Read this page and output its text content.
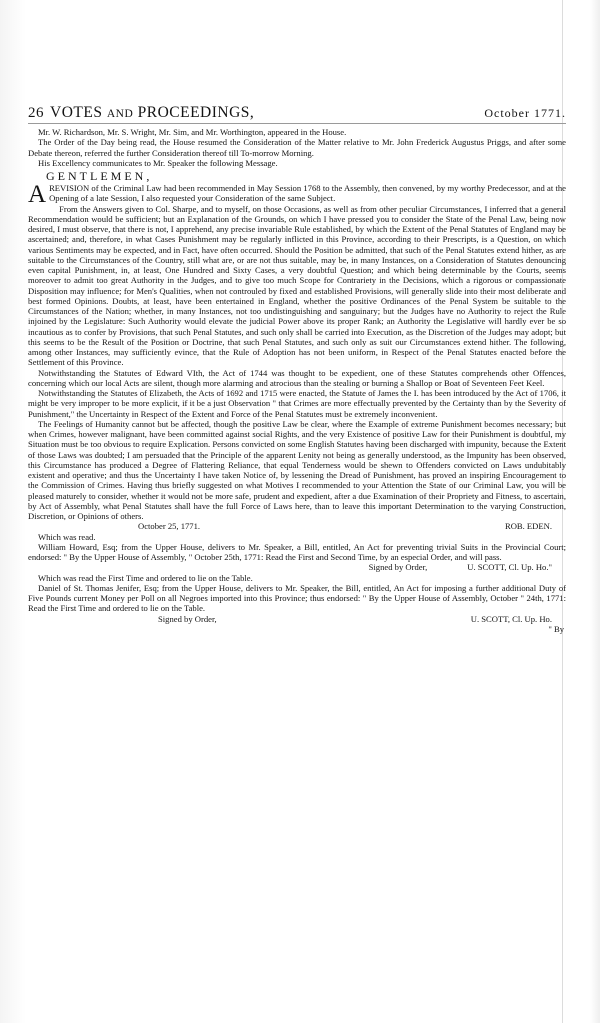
26 VOTES AND PROCEEDINGS,	October 1771.

Mr. W. Richardson, Mr. S. Wright, Mr. Sim, and Mr. Worthington, appeared in the House.

The Order of the Day being read, the House resumed the Consideration of the Matter relative to Mr. John Frederick Augustus Priggs, and after some Debate thereon, referred the further Consideration thereof till To-morrow Morning.

His Excellency communicates to Mr. Speaker the following Message.

GENTLEMEN,

A REVISION of the Criminal Law had been recommended in May Session 1768 to the Assembly, then convened, by my worthy Predecessor, and at the Opening of a late Session, I also requested your Consideration of the same Subject.

From the Answers given to Col. Sharpe, and to myself, on those Occasions, as well as from other peculiar Circumstances, I inferred that a general Recommendation would be sufficient; but an Explanation of the Grounds, on which I have pressed you to consider the State of the Penal Law, being now desired, I must observe, that there is not, I apprehend, any precise invariable Rule established, by which the Extent of the Penal Statutes of England may be ascertained; and, therefore, in what Cases Punishment may be regularly inflicted in this Province, according to their Prescripts, is a Question, on which various Sentiments may be expected, and in Fact, have often occurred. Should the Position be admitted, that such of the Penal Statutes extend hither, as are suitable to the Circumstances of the Country, still what are, or are not thus suitable, may be, in many Instances, on a Consideration of Statutes denouncing even capital Punishment, in, at least, One Hundred and Sixty Cases, a very doubtful Question; and which being determinable by the Courts, seems moreover to admit too great Authority in the Judges, and to give too much Scope for Contrariety in the Decisions, which a rigorous or compassionate Disposition may influence; for Men's Qualities, when not controuled by fixed and established Provisions, will generally slide into their most deliberate and best formed Opinions. Doubts, at least, have been entertained in England, whether the positive Ordinances of the Penal System be suitable to the Circumstances of the Nation; whether, in many Instances, not too undistinguishing and sanguinary; but the Judges have no Authority to reject the Rule injoined by the Legislature: Such Authority would elevate the judicial Power above its proper Rank; an Authority the Legislative will hardly ever be so incautious as to confer by Provisions, that such Penal Statutes, and such only shall be carried into Execution, as the Discretion of the Judges may adopt; but this seems to be the Result of the Position or Doctrine, that such Penal Statutes, and such only as suit our Circumstances extend hither. The following, among other Instances, may sufficiently evince, that the Rule of Adoption has not been uniform, in Respect of the Penal Statutes enacted before the Settlement of this Province.

Notwithstanding the Statutes of Edward VIth, the Act of 1744 was thought to be expedient, one of these Statutes comprehends other Offences, concerning which our local Acts are silent, though more alarming and atrocious than the stealing or burning a Shallop or Boat of Seventeen Feet Keel.

Notwithstanding the Statutes of Elizabeth, the Acts of 1692 and 1715 were enacted, the Statute of James the I. has been introduced by the Act of 1706, it might be very improper to be more explicit, if it be a just Observation " that Crimes are more effectually prevented by the Certainty than by the Severity of Punishment," the Uncertainty in Respect of the Extent and Force of the Penal Statutes must be extremely inconvenient.

The Feelings of Humanity cannot but be affected, though the positive Law be clear, where the Example of extreme Punishment becomes necessary; but when Crimes, however malignant, have been committed against social Rights, and the very Existence of positive Law for their Punishment is doubtful, my Situation must be too obvious to require Explication. Persons convicted on some English Statutes having been discharged with impunity, because the Extent of those Laws was doubted; I am persuaded that the Principle of the apparent Lenity not being as generally understood, as the Impunity has been observed, this Circumstance has produced a Degree of Flattering Reliance, that equal Tenderness would be shewn to Offenders convicted on Laws undubitably existent and operative; and thus the Uncertainty I have taken Notice of, by lessening the Dread of Punishment, has proved an inspiring Encouragement to the Commission of Crimes. Having thus briefly suggested on what Motives I recommended to your Attention the State of our Criminal Law, you will be pleased maturely to consider, whether it would not be more safe, prudent and expedient, after a due Examination of their Propriety and Fitness, to ascertain, by Act of Assembly, what Penal Statutes shall have the full Force of Laws here, than to leave this important Determination to the varying Construction, Discretion, or Opinions of others.

October 25, 1771.	ROB. EDEN.

Which was read.

William Howard, Esq; from the Upper House, delivers to Mr. Speaker, a Bill, entitled, An Act for preventing trivial Suits in the Provincial Court; endorsed: " By the Upper House of Assembly, " October 25th, 1771: Read the First and Second Time, by an especial Order, and will pass.

Signed by Order,	U. SCOTT, Cl. Up. Ho."

Which was read the First Time and ordered to lie on the Table.

Daniel of St. Thomas Jenifer, Esq; from the Upper House, delivers to Mr. Speaker, the Bill, entitled, An Act for imposing a further additional Duty of Five Pounds current Money per Poll on all Negroes imported into this Province; thus endorsed: " By the Upper House of Assembly, October " 24th, 1771: Read the First Time and ordered to lie on the Table.

Signed by Order,	U. SCOTT, Cl. Up. Ho.
" By
